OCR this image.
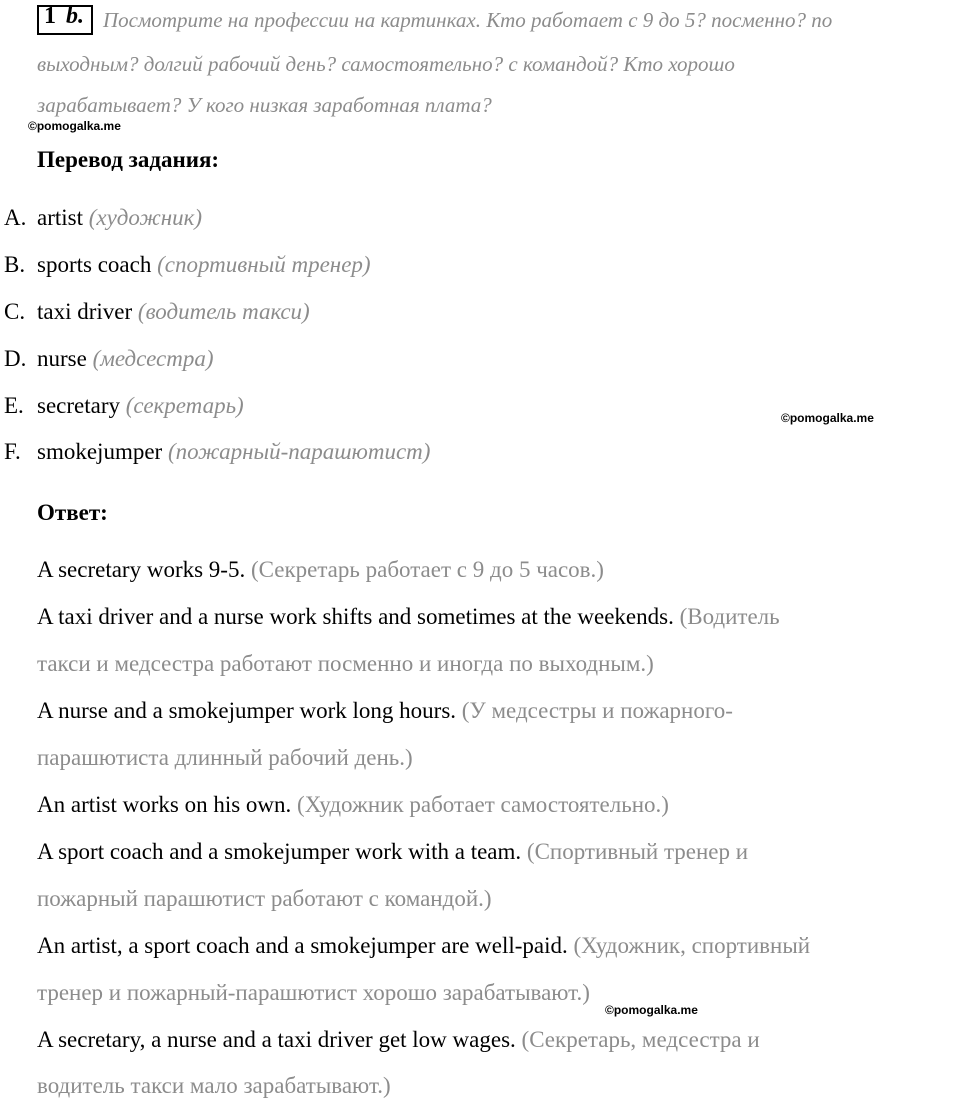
1 b. Посмотрите на профессии на картинках. Кто работает с 9 до 5? посменно? по
выходным? долгий рабочий день? самостоятельно? с командой? Кто хорошо
зарабатывает? У кого низкая заработная плата?
©pomogalka.me
Перевод задания:
A. artist (художник)
B. sports coach (спортивный тренер)
C. taxi driver (водитель такси)
D. nurse (медсестра)
E. secretary (секретарь)
F. smokejumper (пожарный-парашютист)
©pomogalka.me
Ответ:
A secretary works 9-5. (Секретарь работает с 9 до 5 часов.)
A taxi driver and a nurse work shifts and sometimes at the weekends. (Водитель
такси и медсестра работают посменно и иногда по выходным.)
A nurse and a smokejumper work long hours. (У медсестры и пожарного-
парашютиста длинный рабочий день.)
An artist works on his own. (Художник работает самостоятельно.)
A sport coach and a smokejumper work with a team. (Спортивный тренер и
пожарный парашютист работают с командой.)
An artist, a sport coach and a smokejumper are well-paid. (Художник, спортивный
тренер и пожарный-парашютист хорошо зарабатывают.)
©pomogalka.me
A secretary, a nurse and a taxi driver get low wages. (Секретарь, медсестра и
водитель такси мало зарабатывают.)
